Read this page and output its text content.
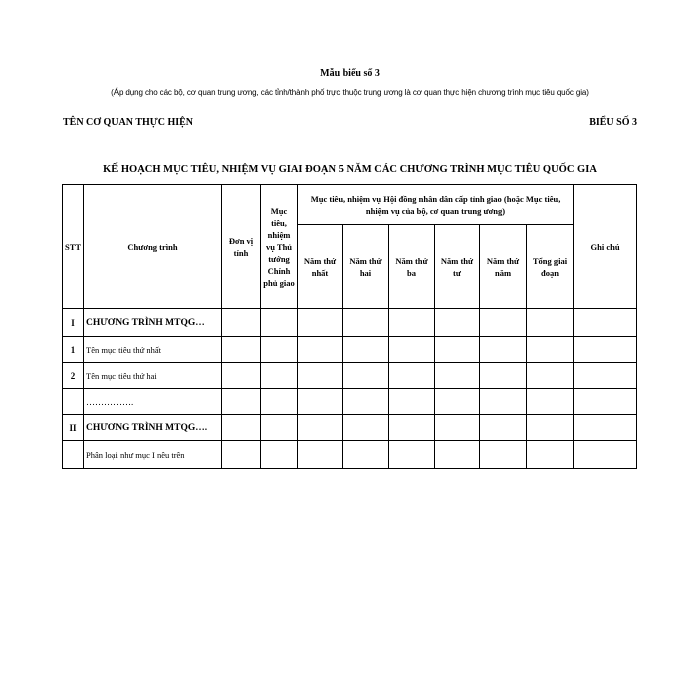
Mẫu biểu số 3
(Áp dụng cho các bộ, cơ quan trung ương, các tỉnh/thành phố trực thuộc trung ương là cơ quan thực hiện chương trình mục tiêu quốc gia)
TÊN CƠ QUAN THỰC HIỆN	BIỂU SỐ 3
KẾ HOẠCH MỤC TIÊU, NHIỆM VỤ GIAI ĐOẠN 5 NĂM CÁC CHƯƠNG TRÌNH MỤC TIÊU QUỐC GIA
STT	Chương trình	Đơn vị tính	Mục tiêu, nhiệm vụ Thủ tướng Chính phủ giao	Mục tiêu, nhiệm vụ Hội đồng nhân dân cấp tỉnh giao (hoặc Mục tiêu, nhiệm vụ của bộ, cơ quan trung ương)						Ghi chú
				Năm thứ nhất	Năm thứ hai	Năm thứ ba	Năm thứ tư	Năm thứ năm	Tổng giai đoạn	
I	CHƯƠNG TRÌNH MTQG…									
1	Tên mục tiêu thứ nhất									
2	Tên mục tiêu thứ hai									
	…………….									
II	CHƯƠNG TRÌNH MTQG….									
	Phân loại như mục I nêu trên									
